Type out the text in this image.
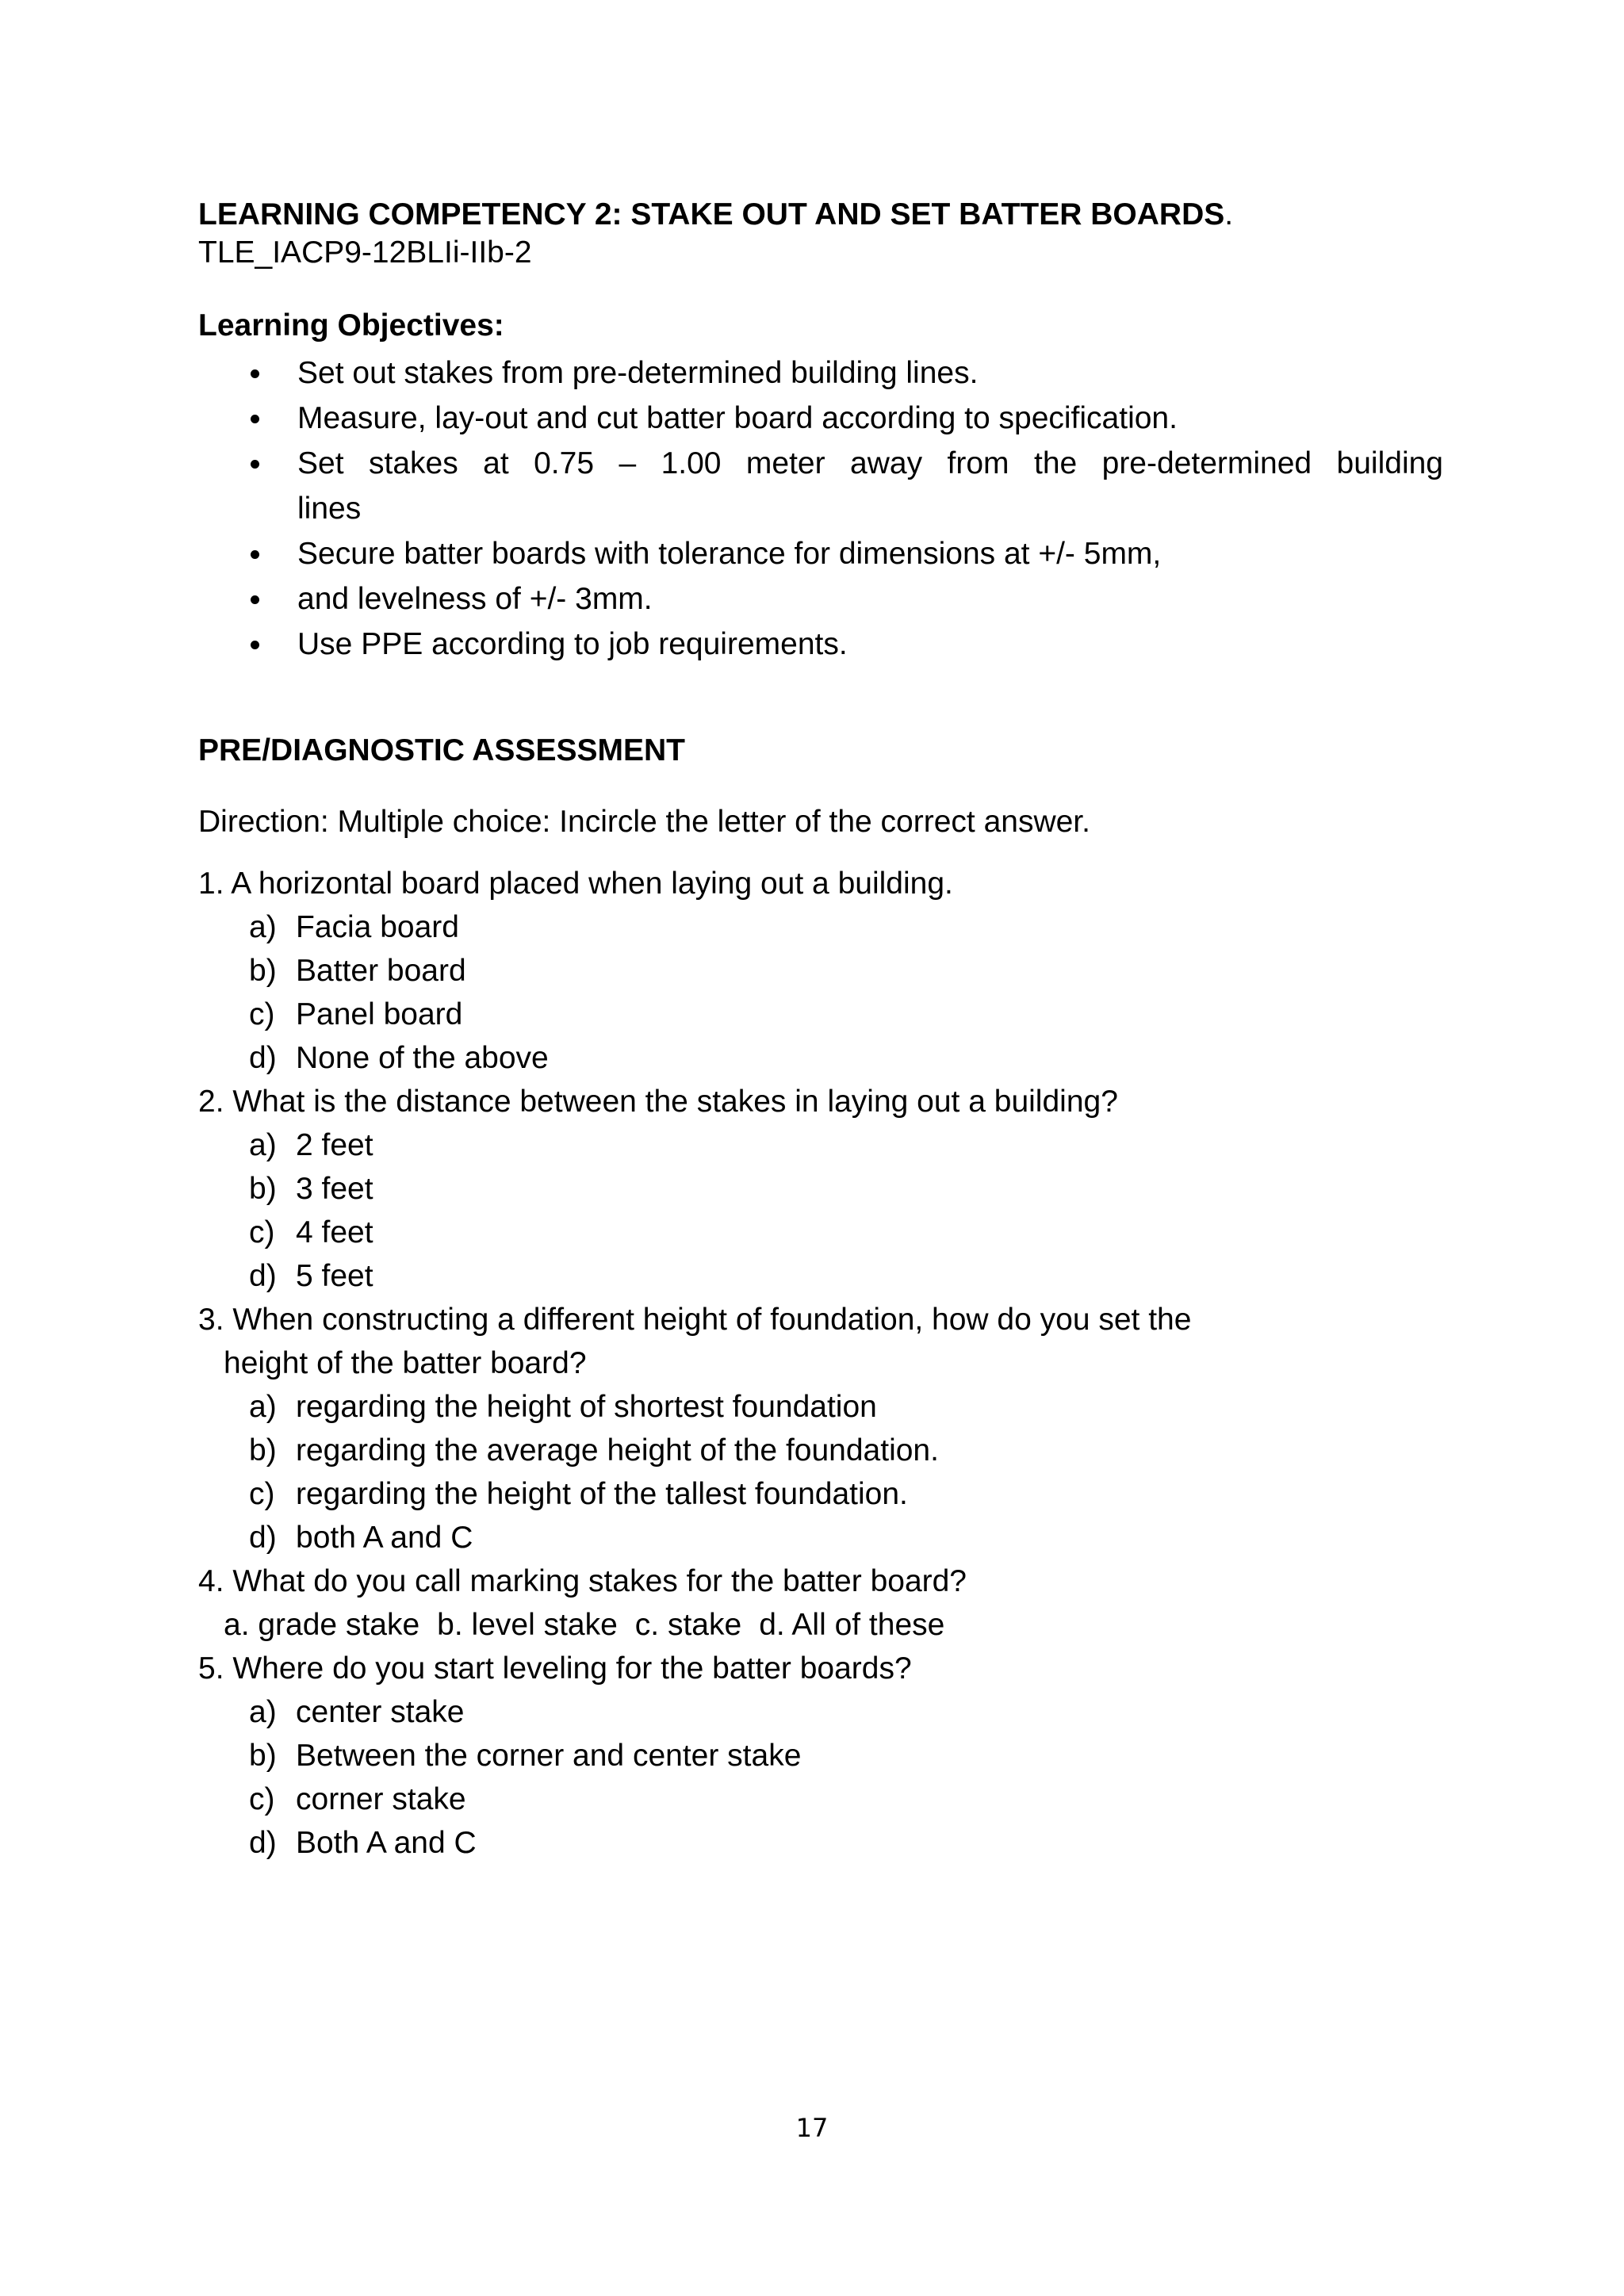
LEARNING COMPETENCY 2: STAKE OUT AND SET BATTER BOARDS.
TLE_IACP9-12BLIi-IIb-2
Learning Objectives:
Set out stakes from pre-determined building lines.
Measure, lay-out and cut batter board according to specification.
Set stakes at 0.75 – 1.00 meter away from the pre-determined building
lines
Secure batter boards with tolerance for dimensions at +/- 5mm,
and levelness of +/- 3mm.
Use PPE according to job requirements.
PRE/DIAGNOSTIC ASSESSMENT
Direction: Multiple choice: Incircle the letter of the correct answer.
1. A horizontal board placed when laying out a building.
a) Facia board
b) Batter board
c) Panel board
d) None of the above
2. What is the distance between the stakes in laying out a building?
a) 2 feet
b) 3 feet
c) 4 feet
d) 5 feet
3. When constructing a different height of foundation, how do you set the
height of the batter board?
a) regarding the height of shortest foundation
b) regarding the average height of the foundation.
c) regarding the height of the tallest foundation.
d) both A and C
4. What do you call marking stakes for the batter board?
a. grade stake b. level stake c. stake d. All of these
5. Where do you start leveling for the batter boards?
a) center stake
b) Between the corner and center stake
c) corner stake
d) Both A and C
17
